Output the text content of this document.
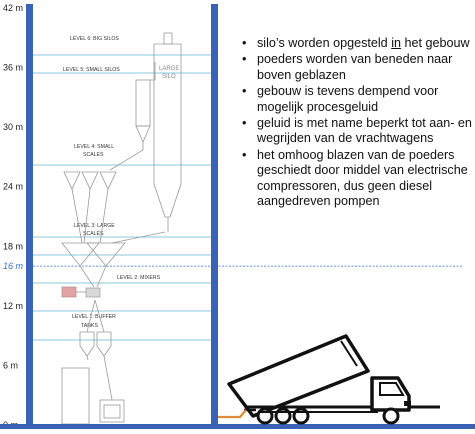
42 m
36 m
30 m
24 m
18 m
12 m
6 m
16 m
LEVEL 6: BIG SILOS
LEVEL 5: SMALL SILOS
LEVEL 4: SMALL
SCALES
LEVEL 3: LARGE
SCALES
LEVEL 2: MIXERS
LEVEL 1: BUFFER
TANKS
LARGE
SILO
• silo’s worden opgesteld in het gebouw
• poeders worden van beneden naar boven geblazen
• gebouw is tevens dempend voor mogelijk procesgeluid
• geluid is met name beperkt tot aan- en wegrijden van de vrachtwagens
• het omhoog blazen van de poeders geschiedt door middel van electrische compressoren, dus geen diesel aangedreven pompen
